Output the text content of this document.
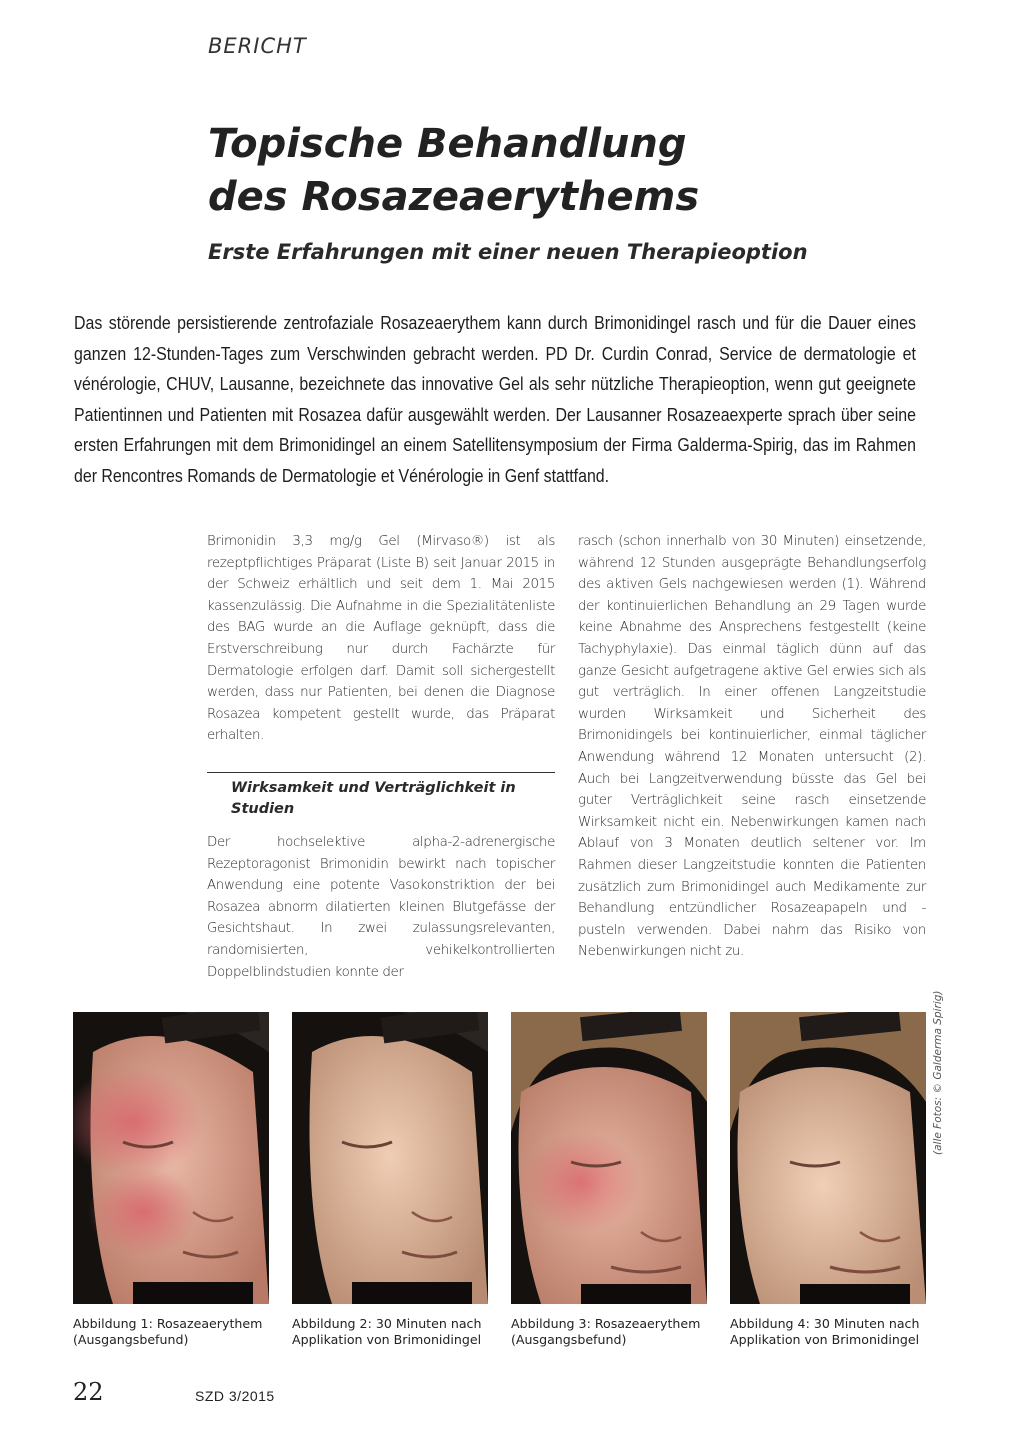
BERICHT
Topische Behandlung
des Rosazeaerythems
Erste Erfahrungen mit einer neuen Therapieoption

Das störende persistierende zentrofaziale Rosazeaerythem kann durch Brimonidingel rasch und für die Dauer eines ganzen 12-Stunden-Tages zum Verschwinden gebracht werden. PD Dr. Curdin Conrad, Service de dermatologie et vénérologie, CHUV, Lausanne, bezeichnete das innovative Gel als sehr nützliche Therapieoption, wenn gut geeignete Patientinnen und Patienten mit Rosazea dafür ausgewählt werden. Der Lausanner Rosazeaexperte sprach über seine ersten Erfahrungen mit dem Brimonidingel an einem Satellitensymposium der Firma Galderma-Spirig, das im Rahmen der Rencontres Romands de Dermatologie et Vénérologie in Genf stattfand.

Brimonidin 3,3 mg/g Gel (Mirvaso®) ist als rezeptpflichtiges Präparat (Liste B) seit Januar 2015 in der Schweiz erhältlich und seit dem 1. Mai 2015 kassenzulässig. Die Aufnahme in die Spezialitätenliste des BAG wurde an die Auflage geknüpft, dass die Erstverschreibung nur durch Fachärzte für Dermatologie erfolgen darf. Damit soll sichergestellt werden, dass nur Patienten, bei denen die Diagnose Rosazea kompetent gestellt wurde, das Präparat erhalten.

Wirksamkeit und Verträglichkeit in Studien

Der hochselektive alpha-2-adrenergische Rezeptoragonist Brimonidin bewirkt nach topischer Anwendung eine potente Vasokonstriktion der bei Rosazea abnorm dilatierten kleinen Blutgefässe der Gesichtshaut. In zwei zulassungsrelevanten, randomisierten, vehikelkontrollierten Doppelblindstudien konnte der

rasch (schon innerhalb von 30 Minuten) einsetzende, während 12 Stunden ausgeprägte Behandlungserfolg des aktiven Gels nachgewiesen werden (1). Während der kontinuierlichen Behandlung an 29 Tagen wurde keine Abnahme des Ansprechens festgestellt (keine Tachyphylaxie). Das einmal täglich dünn auf das ganze Gesicht aufgetragene aktive Gel erwies sich als gut verträglich. In einer offenen Langzeitstudie wurden Wirksamkeit und Sicherheit des Brimonidingels bei kontinuierlicher, einmal täglicher Anwendung während 12 Monaten untersucht (2). Auch bei Langzeitverwendung büsste das Gel bei guter Verträglichkeit seine rasch einsetzende Wirksamkeit nicht ein. Nebenwirkungen kamen nach Ablauf von 3 Monaten deutlich seltener vor. Im Rahmen dieser Langzeitstudie konnten die Patienten zusätzlich zum Brimonidingel auch Medikamente zur Behandlung entzündlicher Rosazeapapeln und -pusteln verwenden. Dabei nahm das Risiko von Nebenwirkungen nicht zu.

(alle Fotos: © Galderma Spirig)

Abbildung 1: Rosazeaerythem
(Ausgangsbefund)

Abbildung 2: 30 Minuten nach
Applikation von Brimonidingel

Abbildung 3: Rosazeaerythem
(Ausgangsbefund)

Abbildung 4: 30 Minuten nach
Applikation von Brimonidingel

22	SZD 3/2015
